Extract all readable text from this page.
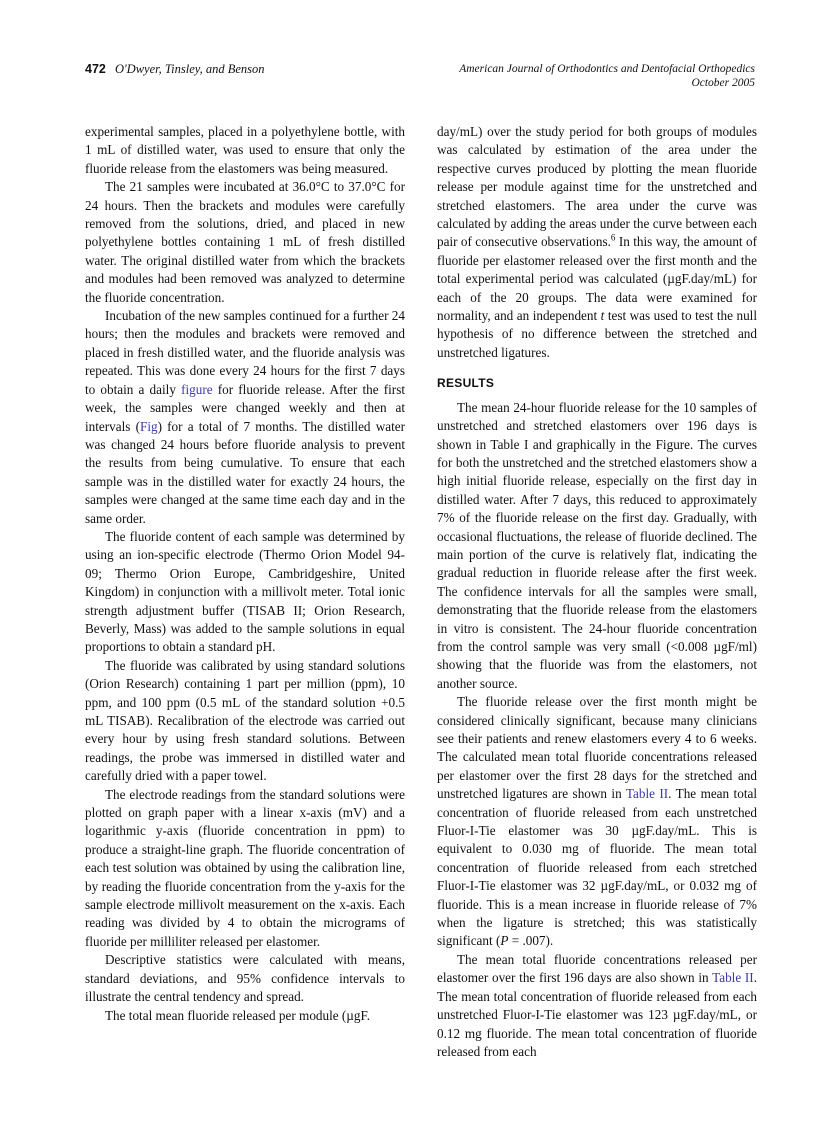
472 O'Dwyer, Tinsley, and Benson	American Journal of Orthodontics and Dentofacial Orthopedics
October 2005

experimental samples, placed in a polyethylene bottle, with 1 mL of distilled water, was used to ensure that only the fluoride release from the elastomers was being measured.

The 21 samples were incubated at 36.0°C to 37.0°C for 24 hours. Then the brackets and modules were carefully removed from the solutions, dried, and placed in new polyethylene bottles containing 1 mL of fresh distilled water. The original distilled water from which the brackets and modules had been removed was analyzed to determine the fluoride concentration.

Incubation of the new samples continued for a further 24 hours; then the modules and brackets were removed and placed in fresh distilled water, and the fluoride analysis was repeated. This was done every 24 hours for the first 7 days to obtain a daily figure for fluoride release. After the first week, the samples were changed weekly and then at intervals (Fig) for a total of 7 months. The distilled water was changed 24 hours before fluoride analysis to prevent the results from being cumulative. To ensure that each sample was in the distilled water for exactly 24 hours, the samples were changed at the same time each day and in the same order.

The fluoride content of each sample was determined by using an ion-specific electrode (Thermo Orion Model 94-09; Thermo Orion Europe, Cambridgeshire, United Kingdom) in conjunction with a millivolt meter. Total ionic strength adjustment buffer (TISAB II; Orion Research, Beverly, Mass) was added to the sample solutions in equal proportions to obtain a standard pH.

The fluoride was calibrated by using standard solutions (Orion Research) containing 1 part per million (ppm), 10 ppm, and 100 ppm (0.5 mL of the standard solution +0.5 mL TISAB). Recalibration of the electrode was carried out every hour by using fresh standard solutions. Between readings, the probe was immersed in distilled water and carefully dried with a paper towel.

The electrode readings from the standard solutions were plotted on graph paper with a linear x-axis (mV) and a logarithmic y-axis (fluoride concentration in ppm) to produce a straight-line graph. The fluoride concentration of each test solution was obtained by using the calibration line, by reading the fluoride concentration from the y-axis for the sample electrode millivolt measurement on the x-axis. Each reading was divided by 4 to obtain the micrograms of fluoride per milliliter released per elastomer.

Descriptive statistics were calculated with means, standard deviations, and 95% confidence intervals to illustrate the central tendency and spread.

The total mean fluoride released per module (µgF.

day/mL) over the study period for both groups of modules was calculated by estimation of the area under the respective curves produced by plotting the mean fluoride release per module against time for the unstretched and stretched elastomers. The area under the curve was calculated by adding the areas under the curve between each pair of consecutive observations.$^6$ In this way, the amount of fluoride per elastomer released over the first month and the total experimental period was calculated (µgF.day/mL) for each of the 20 groups. The data were examined for normality, and an independent t test was used to test the null hypothesis of no difference between the stretched and unstretched ligatures.

RESULTS

The mean 24-hour fluoride release for the 10 samples of unstretched and stretched elastomers over 196 days is shown in Table I and graphically in the Figure. The curves for both the unstretched and the stretched elastomers show a high initial fluoride release, especially on the first day in distilled water. After 7 days, this reduced to approximately 7% of the fluoride release on the first day. Gradually, with occasional fluctuations, the release of fluoride declined. The main portion of the curve is relatively flat, indicating the gradual reduction in fluoride release after the first week. The confidence intervals for all the samples were small, demonstrating that the fluoride release from the elastomers in vitro is consistent. The 24-hour fluoride concentration from the control sample was very small (<0.008 µgF/ml) showing that the fluoride was from the elastomers, not another source.

The fluoride release over the first month might be considered clinically significant, because many clinicians see their patients and renew elastomers every 4 to 6 weeks. The calculated mean total fluoride concentrations released per elastomer over the first 28 days for the stretched and unstretched ligatures are shown in Table II. The mean total concentration of fluoride released from each unstretched Fluor-I-Tie elastomer was 30 µgF.day/mL. This is equivalent to 0.030 mg of fluoride. The mean total concentration of fluoride released from each stretched Fluor-I-Tie elastomer was 32 µgF.day/mL, or 0.032 mg of fluoride. This is a mean increase in fluoride release of 7% when the ligature is stretched; this was statistically significant (P = .007).

The mean total fluoride concentrations released per elastomer over the first 196 days are also shown in Table II. The mean total concentration of fluoride released from each unstretched Fluor-I-Tie elastomer was 123 µgF.day/mL, or 0.12 mg fluoride. The mean total concentration of fluoride released from each
